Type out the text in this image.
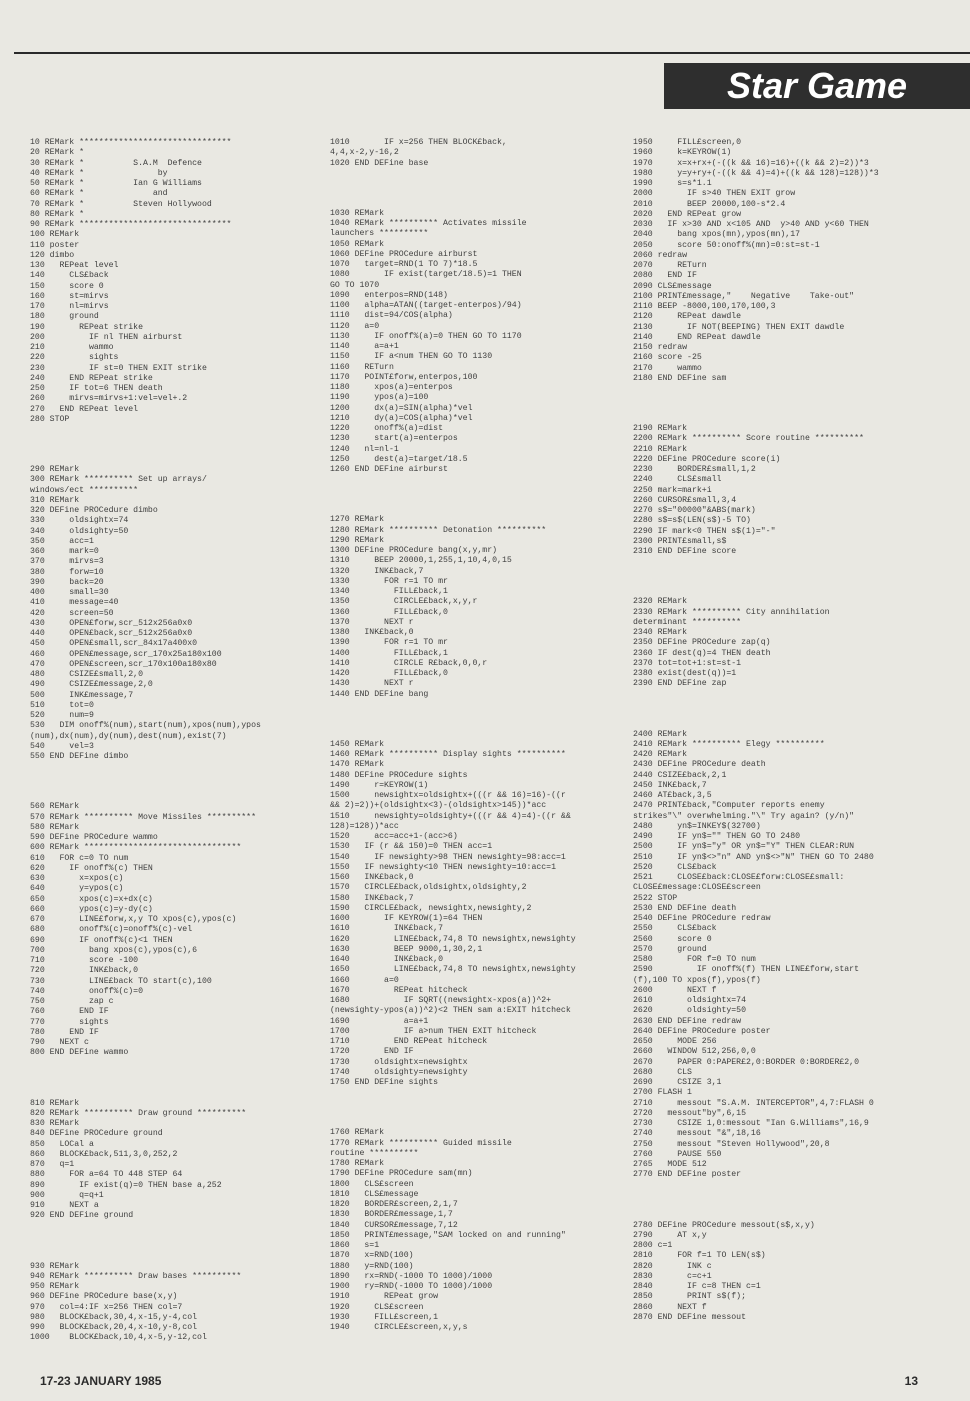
Star Game
10 REMark *******************************
20 REMark *
30 REMark *          S.A.M  Defence
40 REMark *               by
50 REMark *          Ian G Williams
60 REMark *              and
70 REMark *          Steven Hollywood
80 REMark *
90 REMark *******************************
100 REMark
110 poster
120 dimbo
130   REPeat level
140     CLS£back
150     score 0
160     st=mirvs
170     nl=mirvs
180     ground
190       REPeat strike
200         IF nl THEN airburst
210         wammo
220         sights
230         IF st=0 THEN EXIT strike
240     END REPeat strike
250     IF tot=6 THEN death
260     mirvs=mirvs+1:vel=vel+.2
270   END REPeat level
280 STOP
290 REMark
300 REMark ********** Set up arrays/
windows/ect **********
310 REMark
320 DEFine PROCedure dimbo
330     oldsightx=74
340     oldsighty=50
350     acc=1
360     mark=0
370     mirvs=3
380     forw=10
390     back=20
400     small=30
410     message=40
420     screen=50
430     OPEN£forw,scr_512x256a0x0
440     OPEN£back,scr_512x256a0x0
450     OPEN£small,scr_84x17a400x0
460     OPEN£message,scr_170x25a180x100
470     OPEN£screen,scr_170x100a180x80
480     CSIZE£small,2,0
490     CSIZE£message,2,0
500     INK£message,7
510     tot=0
520     num=9
530   DIM onoff%(num),start(num),xpos(num),ypos
(num),dx(num),dy(num),dest(num),exist(7)
540     vel=3
550 END DEFine dimbo
560 REMark
570 REMark ********** Move Missiles **********
580 REMark
590 DEFine PROCedure wammo
600 REMark ********************************
610   FOR c=0 TO num
620     IF onoff%(c) THEN
630       x=xpos(c)
640       y=ypos(c)
650       xpos(c)=x+dx(c)
660       ypos(c)=y-dy(c)
670       LINE£forw,x,y TO xpos(c),ypos(c)
680       onoff%(c)=onoff%(c)-vel
690       IF onoff%(c)<1 THEN
700         bang xpos(c),ypos(c),6
710         score -100
720         INK£back,0
730         LINE£back TO start(c),100
740         onoff%(c)=0
750         zap c
760       END IF
770       sights
780     END IF
790   NEXT c
800 END DEFine wammo
810 REMark
820 REMark ********** Draw ground **********
830 REMark
840 DEFine PROCedure ground
850   LOCal a
860   BLOCK£back,511,3,0,252,2
870   q=1
880     FOR a=64 TO 448 STEP 64
890       IF exist(q)=0 THEN base a,252
900       q=q+1
910     NEXT a
920 END DEFine ground
930 REMark
940 REMark ********** Draw bases **********
950 REMark
960 DEFine PROCedure base(x,y)
970   col=4:IF x=256 THEN col=7
980   BLOCK£back,30,4,x-15,y-4,col
990   BLOCK£back,20,4,x-10,y-8,col
1000    BLOCK£back,10,4,x-5,y-12,col
1010       IF x=256 THEN BLOCK£back,
4,4,x-2,y-16,2
1020 END DEFine base
1030 REMark
1040 REMark ********** Activates missile
launchers **********
1050 REMark
1060 DEFine PROCedure airburst
1070   target=RND(1 TO 7)*18.5
1080       IF exist(target/18.5)=1 THEN
GO TO 1070
1090   enterpos=RND(148)
1100   alpha=ATAN((target-enterpos)/94)
1110   dist=94/COS(alpha)
1120   a=0
1130     IF onoff%(a)=0 THEN GO TO 1170
1140     a=a+1
1150     IF a<num THEN GO TO 1130
1160   RETurn
1170   POINT£forw,enterpos,100
1180     xpos(a)=enterpos
1190     ypos(a)=100
1200     dx(a)=SIN(alpha)*vel
1210     dy(a)=COS(alpha)*vel
1220     onoff%(a)=dist
1230     start(a)=enterpos
1240   nl=nl-1
1250     dest(a)=target/18.5
1260 END DEFine airburst
1270 REMark
1280 REMark ********** Detonation **********
1290 REMark
1300 DEFine PROCedure bang(x,y,mr)
1310     BEEP 20000,1,255,1,10,4,0,15
1320     INK£back,7
1330       FOR r=1 TO mr
1340         FILL£back,1
1350         CIRCLE£back,x,y,r
1360         FILL£back,0
1370       NEXT r
1380   INK£back,0
1390       FOR r=1 TO mr
1400         FILL£back,1
1410         CIRCLE R£back,0,0,r
1420         FILL£back,0
1430       NEXT r
1440 END DEFine bang
1450 REMark
1460 REMark ********** Display sights **********
1470 REMark
1480 DEFine PROCedure sights
1490     r=KEYROW(1)
1500     newsightx=oldsightx+(((r && 16)=16)-((r
&& 2)=2))+(oldsightx<3)-(oldsightx>145))*acc
1510     newsighty=oldsighty+(((r && 4)=4)-((r &&
128)=128))*acc
1520     acc=acc+1-(acc>6)
1530   IF (r && 150)=0 THEN acc=1
1540     IF newsighty>98 THEN newsighty=98:acc=1
1550   IF newsighty<10 THEN newsighty=10:acc=1
1560   INK£back,0
1570   CIRCLE£back,oldsightx,oldsighty,2
1580   INK£back,7
1590   CIRCLE£back, newsightx,newsighty,2
1600       IF KEYROW(1)=64 THEN
1610         INK£back,7
1620         LINE£back,74,8 TO newsightx,newsighty
1630         BEEP 9000,1,30,2,1
1640         INK£back,0
1650         LINE£back,74,8 TO newsightx,newsighty
1660       a=0
1670         REPeat hitcheck
1680           IF SQRT((newsightx-xpos(a))^2+
(newsighty-ypos(a))^2)<2 THEN sam a:EXIT hitcheck
1690           a=a+1
1700           IF a>num THEN EXIT hitcheck
1710         END REPeat hitcheck
1720       END IF
1730     oldsightx=newsightx
1740     oldsighty=newsighty
1750 END DEFine sights
1760 REMark
1770 REMark ********** Guided missile
routine **********
1780 REMark
1790 DEFine PROCedure sam(mn)
1800   CLS£screen
1810   CLS£message
1820   BORDER£screen,2,1,7
1830   BORDER£message,1,7
1840   CURSOR£message,7,12
1850   PRINT£message,"SAM locked on and running"
1860   s=1
1870   x=RND(100)
1880   y=RND(100)
1890   rx=RND(-1000 TO 1000)/1000
1900   ry=RND(-1000 TO 1000)/1000
1910       REPeat grow
1920     CLS£screen
1930     FILL£screen,1
1940     CIRCLE£screen,x,y,s
1950     FILL£screen,0
1960     k=KEYROW(1)
1970     x=x+rx+(-((k && 16)=16)+((k && 2)=2))*3
1980     y=y+ry+(-((k && 4)=4)+((k && 128)=128))*3
1990     s=s*1.1
2000       IF s>40 THEN EXIT grow
2010       BEEP 20000,100-s*2.4
2020   END REPeat grow
2030   IF x>30 AND x<105 AND  y>40 AND y<60 THEN
2040     bang xpos(mn),ypos(mn),17
2050     score 50:onoff%(mn)=0:st=st-1
2060 redraw
2070     RETurn
2080   END IF
2090 CLS£message
2100 PRINT£message,"    Negative    Take-out"
2110 BEEP -8000,100,170,100,3
2120     REPeat dawdle
2130       IF NOT(BEEPING) THEN EXIT dawdle
2140     END REPeat dawdle
2150 redraw
2160 score -25
2170     wammo
2180 END DEFine sam
2190 REMark
2200 REMark ********** Score routine **********
2210 REMark
2220 DEFine PROCedure score(i)
2230     BORDER£small,1,2
2240     CLS£small
2250 mark=mark+i
2260 CURSOR£small,3,4
2270 s$="00000"&ABS(mark)
2280 s$=s$(LEN(s$)-5 TO)
2290 IF mark<0 THEN s$(1)="-"
2300 PRINT£small,s$
2310 END DEFine score
2320 REMark
2330 REMark ********** City annihilation
determinant **********
2340 REMark
2350 DEFine PROCedure zap(q)
2360 IF dest(q)=4 THEN death
2370 tot=tot+1:st=st-1
2380 exist(dest(q))=1
2390 END DEFine zap
2400 REMark
2410 REMark ********** Elegy **********
2420 REMark
2430 DEFine PROCedure death
2440 CSIZE£back,2,1
2450 INK£back,7
2460 AT£back,3,5
2470 PRINT£back,"Computer reports enemy
strikes"\" overwhelming."\" Try again? (y/n)"
2480     yn$=INKEY$(32700)
2490     IF yn$="" THEN GO TO 2480
2500     IF yn$="y" OR yn$="Y" THEN CLEAR:RUN
2510     IF yn$<>"n" AND yn$<>"N" THEN GO TO 2480
2520     CLS£back
2521     CLOSE£back:CLOSE£forw:CLOSE£small:
CLOSE£message:CLOSE£screen
2522 STOP
2530 END DEFine death
2540 DEFine PROCedure redraw
2550     CLS£back
2560     score 0
2570     ground
2580       FOR f=0 TO num
2590         IF onoff%(f) THEN LINE£forw,start
(f),100 TO xpos(f),ypos(f)
2600       NEXT f
2610       oldsightx=74
2620       oldsighty=50
2630 END DEFine redraw
2640 DEFine PROCedure poster
2650     MODE 256
2660   WINDOW 512,256,0,0
2670     PAPER 0:PAPER£2,0:BORDER 0:BORDER£2,0
2680     CLS
2690     CSIZE 3,1
2700 FLASH 1
2710     messout "S.A.M. INTERCEPTOR",4,7:FLASH 0
2720   messout"by",6,15
2730     CSIZE 1,0:messout "Ian G.Williams",16,9
2740     messout "&",18,16
2750     messout "Steven Hollywood",20,8
2760     PAUSE 550
2765   MODE 512
2770 END DEFine poster
2780 DEFine PROCedure messout(s$,x,y)
2790     AT x,y
2800 c=1
2810     FOR f=1 TO LEN(s$)
2820       INK c
2830       c=c+1
2840       IF c=8 THEN c=1
2850       PRINT s$(f);
2860     NEXT f
2870 END DEFine messout
17-23 JANUARY 1985	13
